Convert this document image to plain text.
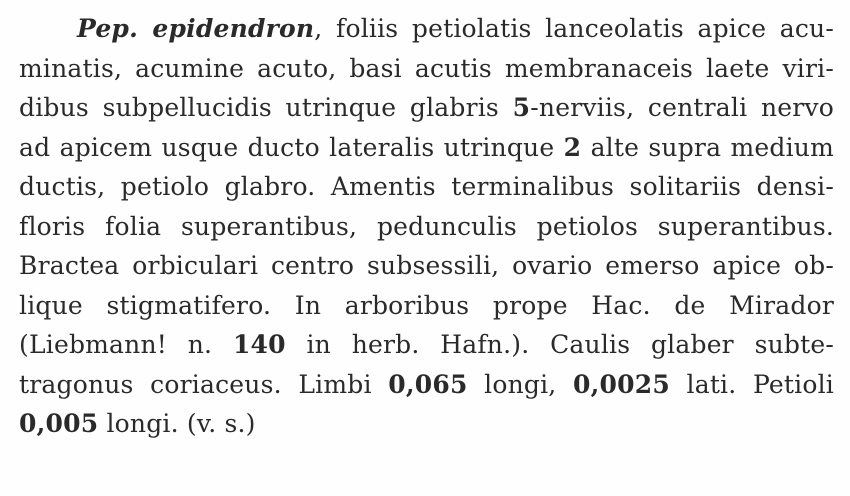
Pep. epidendron, foliis petiolatis lanceolatis apice acu-
minatis, acumine acuto, basi acutis membranaceis laete viri-
dibus subpellucidis utrinque glabris 5-nerviis, centrali nervo
ad apicem usque ducto lateralis utrinque 2 alte supra medium
ductis, petiolo glabro. Amentis terminalibus solitariis densi-
floris folia superantibus, pedunculis petiolos superantibus.
Bractea orbiculari centro subsessili, ovario emerso apice ob-
lique stigmatifero. In arboribus prope Hac. de Mirador
(Liebmann! n. 140 in herb. Hafn.). Caulis glaber subte-
tragonus coriaceus. Limbi 0,065 longi, 0,0025 lati. Petioli
0,005 longi. (v. s.)
